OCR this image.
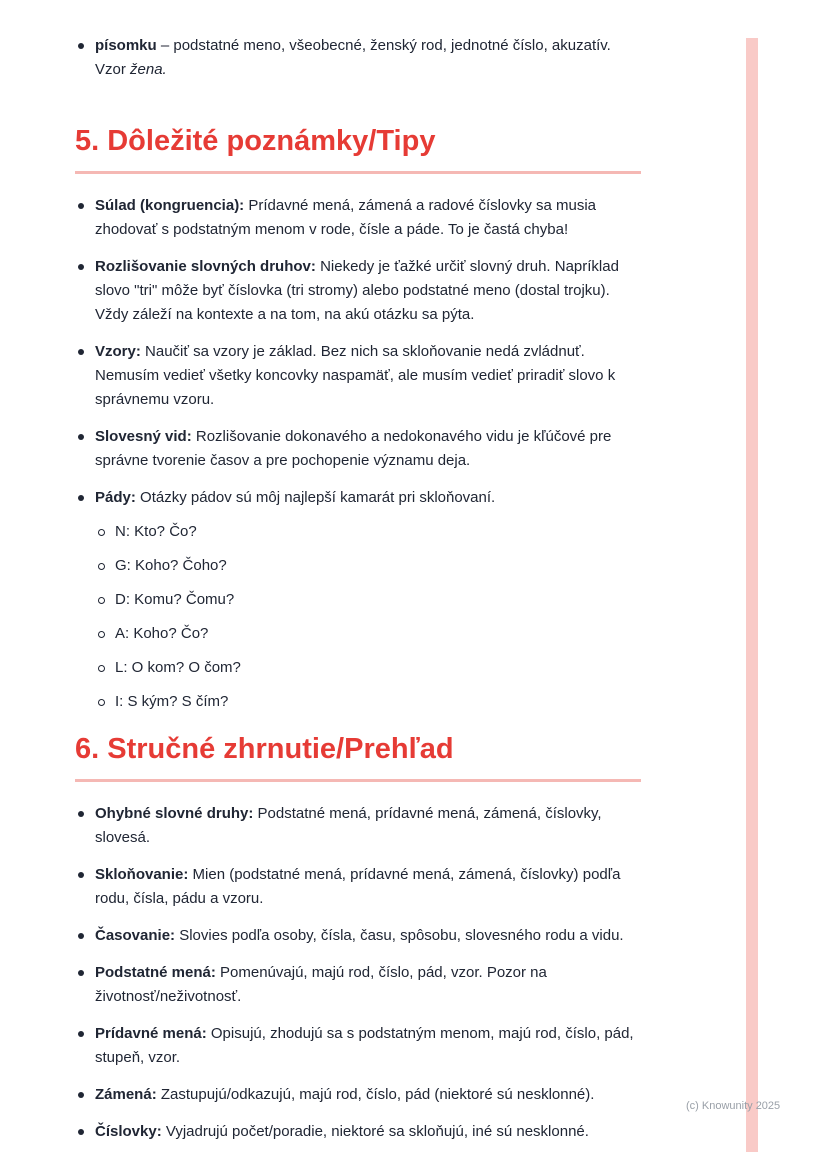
písomku – podstatné meno, všeobecné, ženský rod, jednotné číslo, akuzatív. Vzor žena.
5. Dôležité poznámky/Tipy
Súlad (kongruencia): Prídavné mená, zámená a radové číslovky sa musia zhodovať s podstatným menom v rode, čísle a páde. To je častá chyba!
Rozlišovanie slovných druhov: Niekedy je ťažké určiť slovný druh. Napríklad slovo "tri" môže byť číslovka (tri stromy) alebo podstatné meno (dostal trojku). Vždy záleží na kontexte a na tom, na akú otázku sa pýta.
Vzory: Naučiť sa vzory je základ. Bez nich sa skloňovanie nedá zvládnuť. Nemusím vedieť všetky koncovky naspamäť, ale musím vedieť priradiť slovo k správnemu vzoru.
Slovesný vid: Rozlišovanie dokonavého a nedokonavého vidu je kľúčové pre správne tvorenie časov a pre pochopenie významu deja.
Pády: Otázky pádov sú môj najlepší kamarát pri skloňovaní.
N: Kto? Čo?
G: Koho? Čoho?
D: Komu? Čomu?
A: Koho? Čo?
L: O kom? O čom?
I: S kým? S čím?
6. Stručné zhrnutie/Prehľad
Ohybné slovné druhy: Podstatné mená, prídavné mená, zámená, číslovky, slovesá.
Skloňovanie: Mien (podstatné mená, prídavné mená, zámená, číslovky) podľa rodu, čísla, pádu a vzoru.
Časovanie: Slovies podľa osoby, čísla, času, spôsobu, slovesného rodu a vidu.
Podstatné mená: Pomenúvajú, majú rod, číslo, pád, vzor. Pozor na životnosť/neživotnosť.
Prídavné mená: Opisujú, zhodujú sa s podstatným menom, majú rod, číslo, pád, stupeň, vzor.
Zámená: Zastupujú/odkazujú, majú rod, číslo, pád (niektoré sú nesklonné).
Číslovky: Vyjadrujú počet/poradie, niektoré sa skloňujú, iné sú nesklonné.
(c) Knowunity 2025
